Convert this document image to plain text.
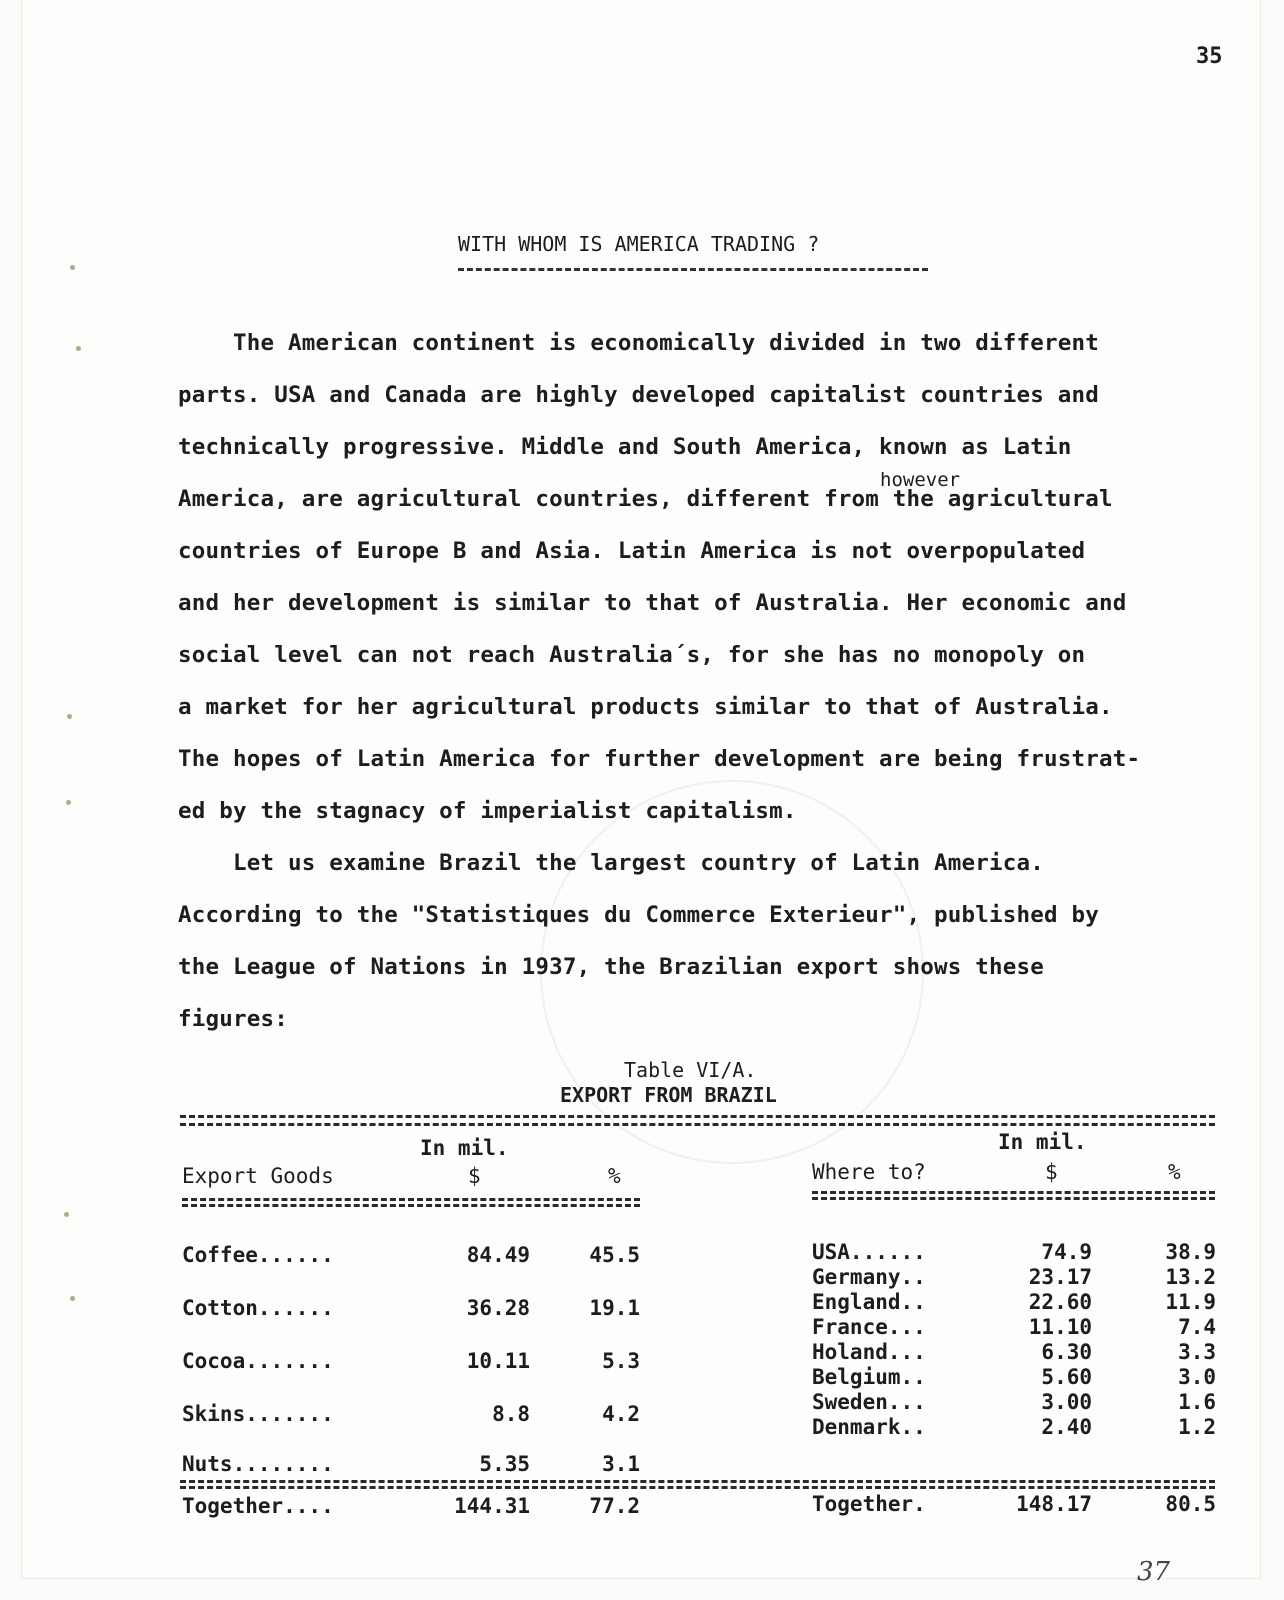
35
WITH WHOM IS AMERICA TRADING ?
however
The American continent is economically divided in two different
parts. USA and Canada are highly developed capitalist countries and
technically progressive. Middle and South America, known as Latin
America, are agricultural countries, different from the agricultural
countries of Europe B and Asia. Latin America is not overpopulated
and her development is similar to that of Australia. Her economic and
social level can not reach Australia´s, for she has no monopoly on
a market for her agricultural products similar to that of Australia.
The hopes of Latin America for further development are being frustrat-
ed by the stagnacy of imperialist capitalism.
Let us examine Brazil the largest country of Latin America.
According to the "Statistiques du Commerce Exterieur", published by
the League of Nations in 1937, the Brazilian export shows these
figures:
Table VI/A.
EXPORT FROM BRAZIL
In mil.
Export Goods	$	%
In mil.
Where to?	$	%
Coffee......	84.49	45.5
Cotton......	36.28	19.1
Cocoa.......	10.11	5.3
Skins.......	8.8	4.2
Nuts........	5.35	3.1
USA......	74.9	38.9
Germany..	23.17	13.2
England..	22.60	11.9
France...	11.10	7.4
Holand...	6.30	3.3
Belgium..	5.60	3.0
Sweden...	3.00	1.6
Denmark..	2.40	1.2
Together....	144.31	77.2	Together.	148.17	80.5
37
